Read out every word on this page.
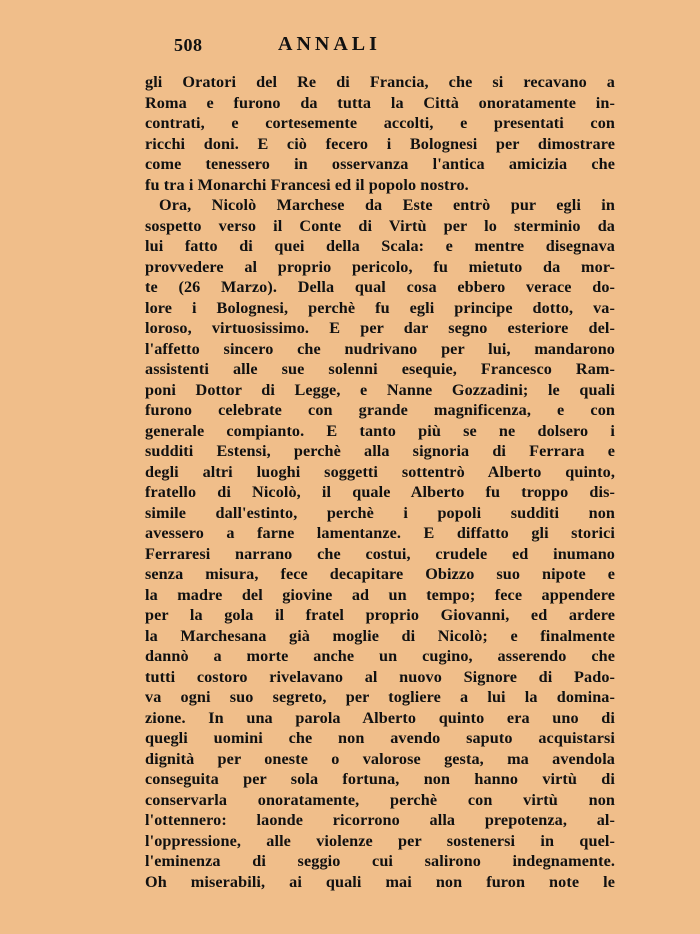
508	ANNALI
gli Oratori del Re di Francia, che si recavano a
Roma e furono da tutta la Città onoratamente in-
contrati, e cortesemente accolti, e presentati con
ricchi doni. E ciò fecero i Bolognesi per dimostrare
come tenessero in osservanza l'antica amicizia che
fu tra i Monarchi Francesi ed il popolo nostro.
Ora, Nicolò Marchese da Este entrò pur egli in
sospetto verso il Conte di Virtù per lo sterminio da
lui fatto di quei della Scala: e mentre disegnava
provvedere al proprio pericolo, fu mietuto da mor-
te (26 Marzo). Della qual cosa ebbero verace do-
lore i Bolognesi, perchè fu egli principe dotto, va-
loroso, virtuosissimo. E per dar segno esteriore del-
l'affetto sincero che nudrivano per lui, mandarono
assistenti alle sue solenni esequie, Francesco Ram-
poni Dottor di Legge, e Nanne Gozzadini; le quali
furono celebrate con grande magnificenza, e con
generale compianto. E tanto più se ne dolsero i
sudditi Estensi, perchè alla signoria di Ferrara e
degli altri luoghi soggetti sottentrò Alberto quinto,
fratello di Nicolò, il quale Alberto fu troppo dis-
simile dall'estinto, perchè i popoli sudditi non
avessero a farne lamentanze. E diffatto gli storici
Ferraresi narrano che costui, crudele ed inumano
senza misura, fece decapitare Obizzo suo nipote e
la madre del giovine ad un tempo; fece appendere
per la gola il fratel proprio Giovanni, ed ardere
la Marchesana già moglie di Nicolò; e finalmente
dannò a morte anche un cugino, asserendo che
tutti costoro rivelavano al nuovo Signore di Pado-
va ogni suo segreto, per togliere a lui la domina-
zione. In una parola Alberto quinto era uno di
quegli uomini che non avendo saputo acquistarsi
dignità per oneste o valorose gesta, ma avendola
conseguita per sola fortuna, non hanno virtù di
conservarla onoratamente, perchè con virtù non
l'ottennero: laonde ricorrono alla prepotenza, al-
l'oppressione, alle violenze per sostenersi in quel-
l'eminenza di seggio cui salirono indegnamente.
Oh miserabili, ai quali mai non furon note le
